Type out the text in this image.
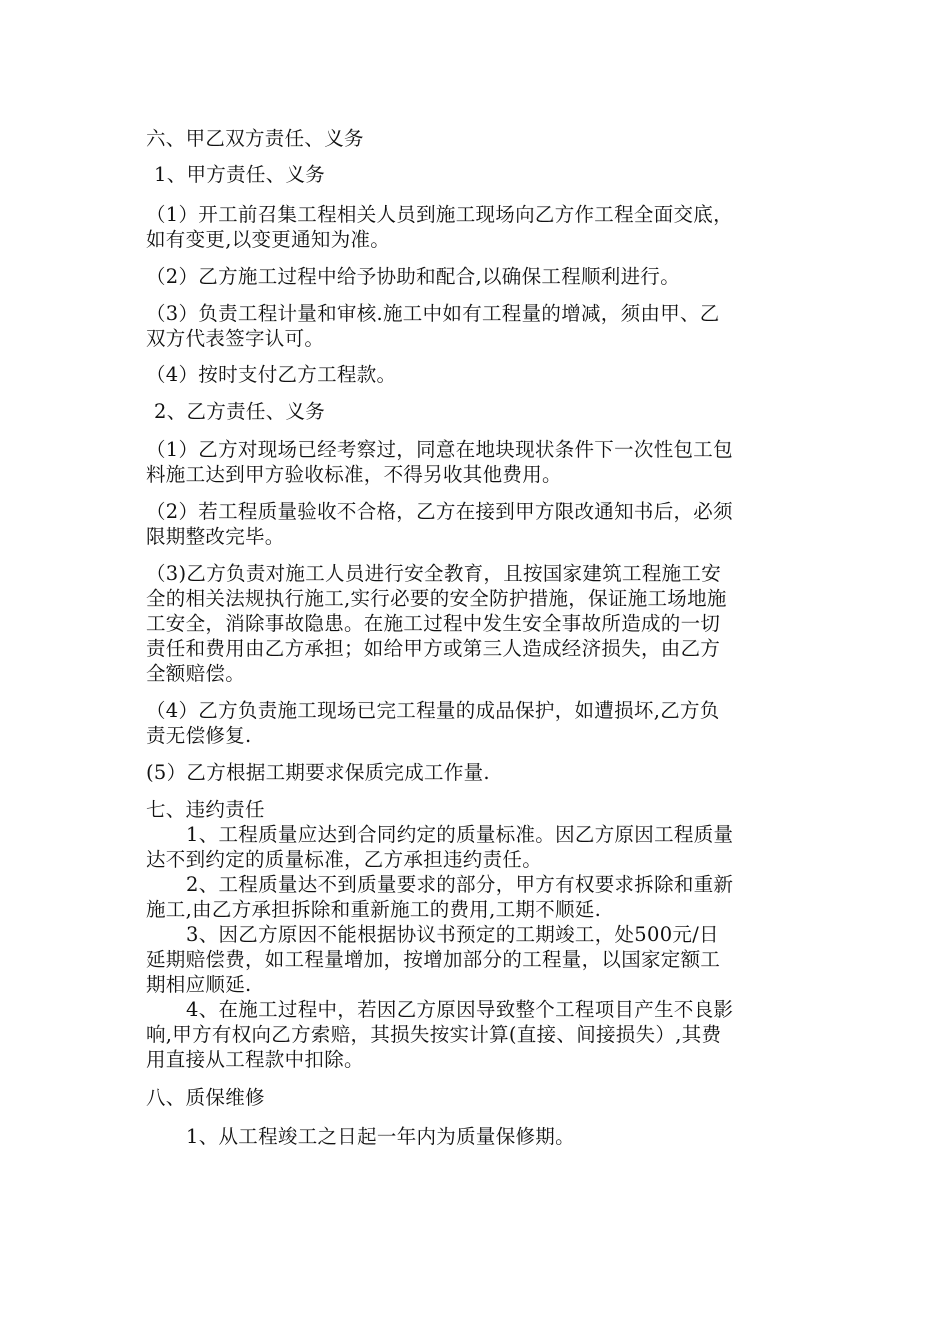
六、甲乙双方责任、义务
1、甲方责任、义务
（1）开工前召集工程相关人员到施工现场向乙方作工程全面交底，
如有变更,以变更通知为准。
（2）乙方施工过程中给予协助和配合,以确保工程顺利进行。
（3）负责工程计量和审核.施工中如有工程量的增减，须由甲、乙
双方代表签字认可。
（4）按时支付乙方工程款。
2、乙方责任、义务
（1）乙方对现场已经考察过，同意在地块现状条件下一次性包工包
料施工达到甲方验收标准，不得另收其他费用。
（2）若工程质量验收不合格，乙方在接到甲方限改通知书后，必须
限期整改完毕。
（3)乙方负责对施工人员进行安全教育，且按国家建筑工程施工安
全的相关法规执行施工,实行必要的安全防护措施，保证施工场地施
工安全，消除事故隐患。在施工过程中发生安全事故所造成的一切
责任和费用由乙方承担；如给甲方或第三人造成经济损失，由乙方
全额赔偿。
（4）乙方负责施工现场已完工程量的成品保护，如遭损坏,乙方负
责无偿修复.
(5）乙方根据工期要求保质完成工作量.
七、违约责任
1、工程质量应达到合同约定的质量标准。因乙方原因工程质量
达不到约定的质量标准，乙方承担违约责任。
2、工程质量达不到质量要求的部分，甲方有权要求拆除和重新
施工,由乙方承担拆除和重新施工的费用,工期不顺延.
3、因乙方原因不能根据协议书预定的工期竣工，处500元/日
延期赔偿费，如工程量增加，按增加部分的工程量，以国家定额工
期相应顺延.
4、在施工过程中，若因乙方原因导致整个工程项目产生不良影
响,甲方有权向乙方索赔，其损失按实计算(直接、间接损失）,其费
用直接从工程款中扣除。
八、质保维修
1、从工程竣工之日起一年内为质量保修期。
